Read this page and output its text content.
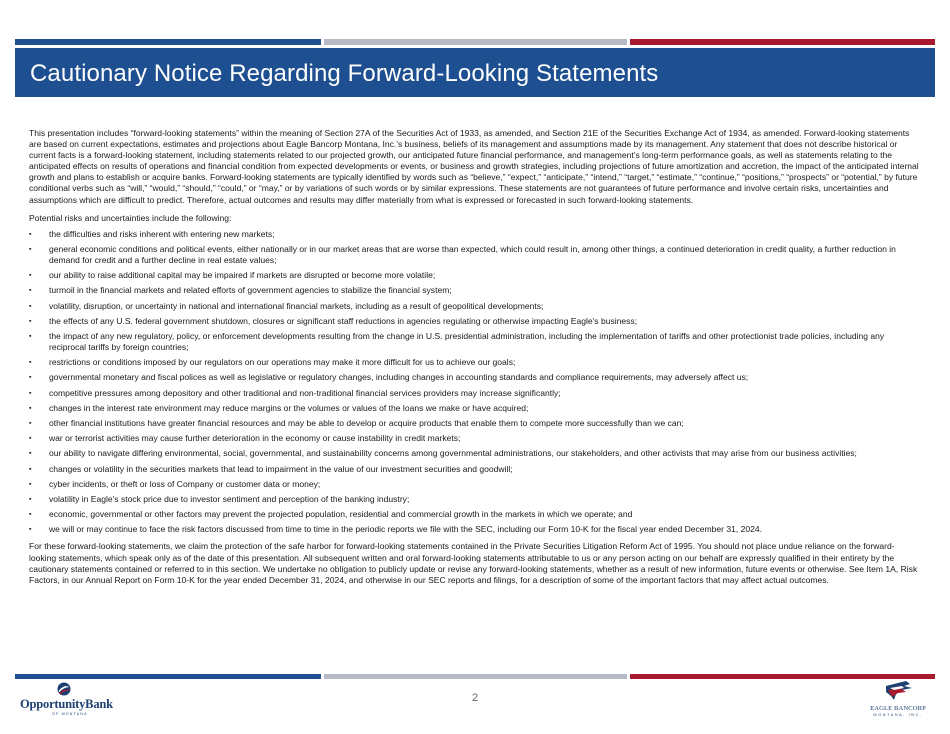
Cautionary Notice Regarding Forward-Looking Statements

This presentation includes “forward-looking statements” within the meaning of Section 27A of the Securities Act of 1933, as amended, and Section 21E of the Securities Exchange Act of 1934, as amended. Forward-looking statements are based on current expectations, estimates and projections about Eagle Bancorp Montana, Inc.’s business, beliefs of its management and assumptions made by its management. Any statement that does not describe historical or current facts is a forward-looking statement, including statements related to our projected growth, our anticipated future financial performance, and management’s long-term performance goals, as well as statements relating to the anticipated effects on results of operations and financial condition from expected developments or events, or business and growth strategies, including projections of future amortization and accretion, the impact of the anticipated internal growth and plans to establish or acquire banks. Forward-looking statements are typically identified by words such as “believe,” “expect,” “anticipate,” “intend,” “target,” “estimate,” “continue,” “positions,” “prospects” or “potential,” by future conditional verbs such as “will,” “would,” “should,” “could,” or “may,” or by variations of such words or by similar expressions. These statements are not guarantees of future performance and involve certain risks, uncertainties and assumptions which are difficult to predict. Therefore, actual outcomes and results may differ materially from what is expressed or forecasted in such forward-looking statements.

Potential risks and uncertainties include the following:

▪ the difficulties and risks inherent with entering new markets;
▪ general economic conditions and political events, either nationally or in our market areas that are worse than expected, which could result in, among other things, a continued deterioration in credit quality, a further reduction in demand for credit and a further decline in real estate values;
▪ our ability to raise additional capital may be impaired if markets are disrupted or become more volatile;
▪ turmoil in the financial markets and related efforts of government agencies to stabilize the financial system;
▪ volatility, disruption, or uncertainty in national and international financial markets, including as a result of geopolitical developments;
▪ the effects of any U.S. federal government shutdown, closures or significant staff reductions in agencies regulating or otherwise impacting Eagle's business;
▪ the impact of any new regulatory, policy, or enforcement developments resulting from the change in U.S. presidential administration, including the implementation of tariffs and other protectionist trade policies, including any reciprocal tariffs by foreign countries;
▪ restrictions or conditions imposed by our regulators on our operations may make it more difficult for us to achieve our goals;
▪ governmental monetary and fiscal polices as well as legislative or regulatory changes, including changes in accounting standards and compliance requirements, may adversely affect us;
▪ competitive pressures among depository and other traditional and non-traditional financial services providers may increase significantly;
▪ changes in the interest rate environment may reduce margins or the volumes or values of the loans we make or have acquired;
▪ other financial institutions have greater financial resources and may be able to develop or acquire products that enable them to compete more successfully than we can;
▪ war or terrorist activities may cause further deterioration in the economy or cause instability in credit markets;
▪ our ability to navigate differing environmental, social, governmental, and sustainability concerns among governmental administrations, our stakeholders, and other activists that may arise from our business activities;
▪ changes or volatility in the securities markets that lead to impairment in the value of our investment securities and goodwill;
▪ cyber incidents, or theft or loss of Company or customer data or money;
▪ volatility in Eagle's stock price due to investor sentiment and perception of the banking industry;
▪ economic, governmental or other factors may prevent the projected population, residential and commercial growth in the markets in which we operate; and
▪ we will or may continue to face the risk factors discussed from time to time in the periodic reports we file with the SEC, including our Form 10-K for the fiscal year ended December 31, 2024.

For these forward-looking statements, we claim the protection of the safe harbor for forward-looking statements contained in the Private Securities Litigation Reform Act of 1995. You should not place undue reliance on the forward-looking statements, which speak only as of the date of this presentation. All subsequent written and oral forward-looking statements attributable to us or any person acting on our behalf are expressly qualified in their entirety by the cautionary statements contained or referred to in this section. We undertake no obligation to publicly update or revise any forward-looking statements, whether as a result of new information, future events or otherwise. See Item 1A, Risk Factors, in our Annual Report on Form 10-K for the year ended December 31, 2024, and otherwise in our SEC reports and filings, for a description of some of the important factors that may affect actual outcomes.

OpportunityBank
OF MONTANA
2
EAGLE BANCORP
MONTANA, INC.
